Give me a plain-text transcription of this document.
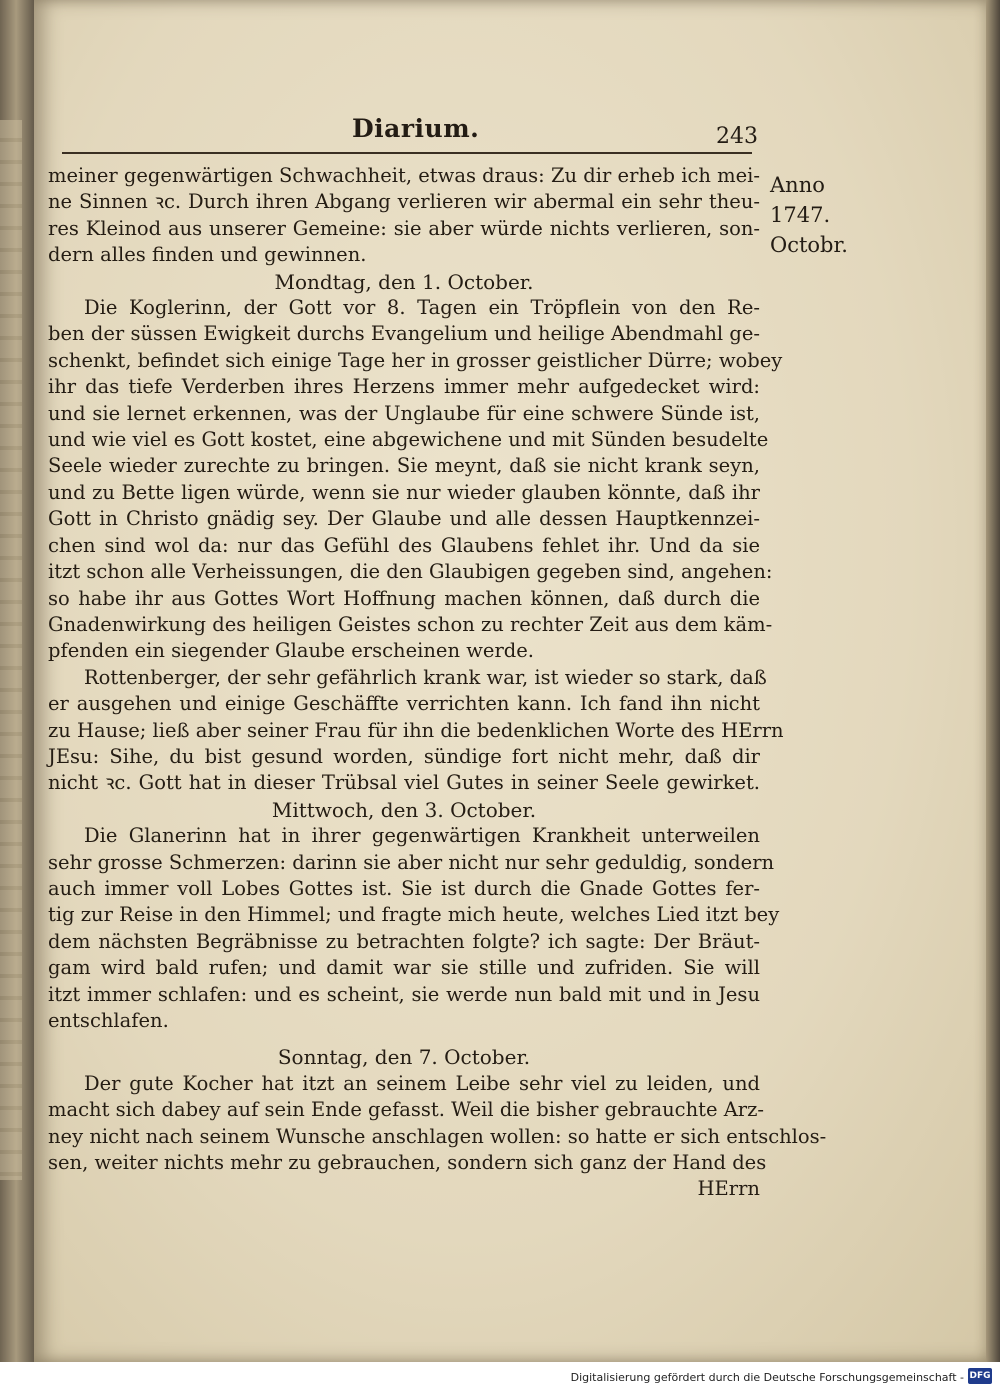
Diarium.	243
Anno
1747.
Octobr.
meiner gegenwärtigen Schwachheit, etwas draus: Zu dir erheb ich mei-
ne Sinnen ꝛc. Durch ihren Abgang verlieren wir abermal ein sehr theu-
res Kleinod aus unserer Gemeine: sie aber würde nichts verlieren, son-
dern alles finden und gewinnen.
Mondtag, den 1. October.
Die Koglerinn, der Gott vor 8. Tagen ein Tröpflein von den Re-
ben der süssen Ewigkeit durchs Evangelium und heilige Abendmahl ge-
schenkt, befindet sich einige Tage her in grosser geistlicher Dürre; wobey
ihr das tiefe Verderben ihres Herzens immer mehr aufgedecket wird:
und sie lernet erkennen, was der Unglaube für eine schwere Sünde ist,
und wie viel es Gott kostet, eine abgewichene und mit Sünden besudelte
Seele wieder zurechte zu bringen. Sie meynt, daß sie nicht krank seyn,
und zu Bette ligen würde, wenn sie nur wieder glauben könnte, daß ihr
Gott in Christo gnädig sey. Der Glaube und alle dessen Hauptkennzei-
chen sind wol da: nur das Gefühl des Glaubens fehlet ihr. Und da sie
itzt schon alle Verheissungen, die den Glaubigen gegeben sind, angehen:
so habe ihr aus Gottes Wort Hoffnung machen können, daß durch die
Gnadenwirkung des heiligen Geistes schon zu rechter Zeit aus dem käm-
pfenden ein siegender Glaube erscheinen werde.
Rottenberger, der sehr gefährlich krank war, ist wieder so stark, daß
er ausgehen und einige Geschäffte verrichten kann. Ich fand ihn nicht
zu Hause; ließ aber seiner Frau für ihn die bedenklichen Worte des HErrn
JEsu: Sihe, du bist gesund worden, sündige fort nicht mehr, daß dir
nicht ꝛc. Gott hat in dieser Trübsal viel Gutes in seiner Seele gewirket.
Mittwoch, den 3. October.
Die Glanerinn hat in ihrer gegenwärtigen Krankheit unterweilen
sehr grosse Schmerzen: darinn sie aber nicht nur sehr geduldig, sondern
auch immer voll Lobes Gottes ist. Sie ist durch die Gnade Gottes fer-
tig zur Reise in den Himmel; und fragte mich heute, welches Lied itzt bey
dem nächsten Begräbnisse zu betrachten folgte? ich sagte: Der Bräut-
gam wird bald rufen; und damit war sie stille und zufriden. Sie will
itzt immer schlafen: und es scheint, sie werde nun bald mit und in Jesu
entschlafen.
Sonntag, den 7. October.
Der gute Kocher hat itzt an seinem Leibe sehr viel zu leiden, und
macht sich dabey auf sein Ende gefasst. Weil die bisher gebrauchte Arz-
ney nicht nach seinem Wunsche anschlagen wollen: so hatte er sich entschlos-
sen, weiter nichts mehr zu gebrauchen, sondern sich ganz der Hand des
HErrn
Digitalisierung gefördert durch die Deutsche Forschungsgemeinschaft - DFG
